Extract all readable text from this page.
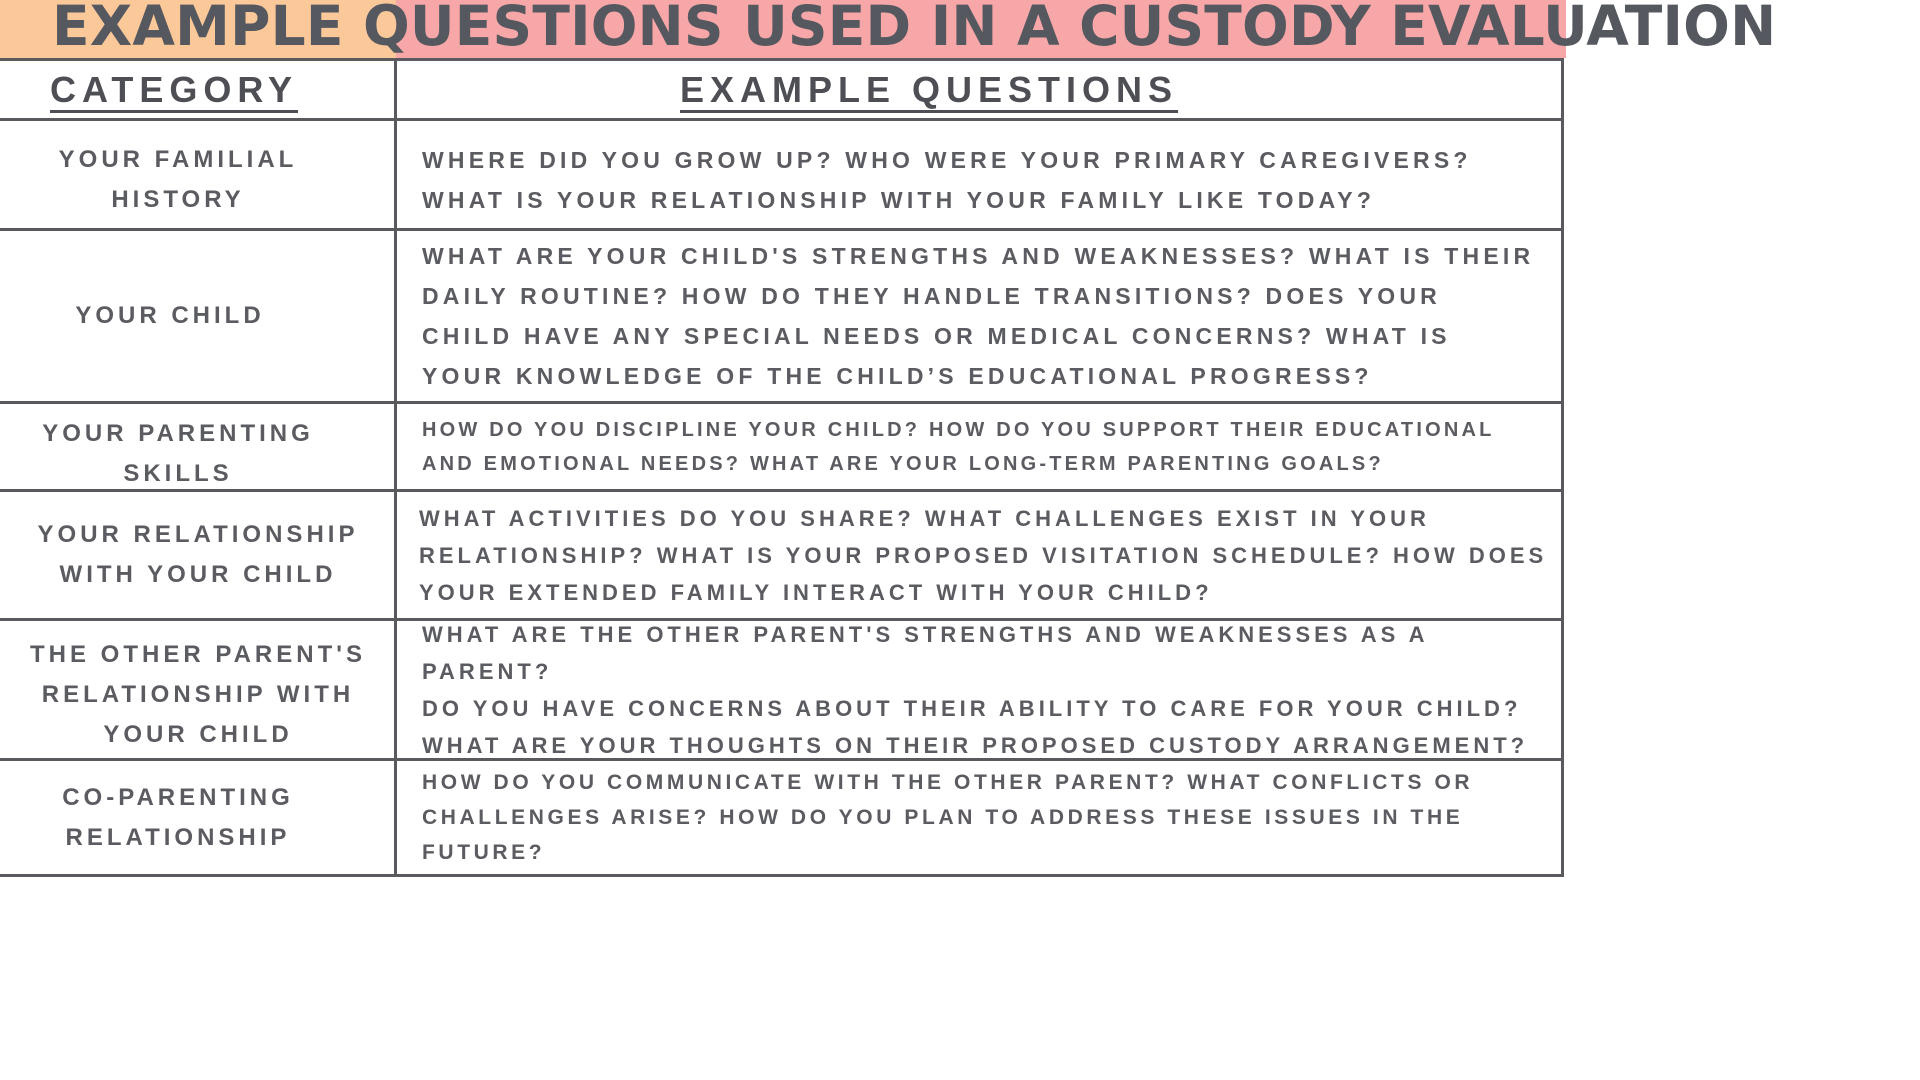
EXAMPLE QUESTIONS USED IN A CUSTODY EVALUATION
CATEGORY	EXAMPLE QUESTIONS
YOUR FAMILIAL
HISTORY
WHERE DID YOU GROW UP? WHO WERE YOUR PRIMARY CAREGIVERS?
WHAT IS YOUR RELATIONSHIP WITH YOUR FAMILY LIKE TODAY?
YOUR CHILD
WHAT ARE YOUR CHILD'S STRENGTHS AND WEAKNESSES? WHAT IS THEIR
DAILY ROUTINE? HOW DO THEY HANDLE TRANSITIONS? DOES YOUR
CHILD HAVE ANY SPECIAL NEEDS OR MEDICAL CONCERNS? WHAT IS
YOUR KNOWLEDGE OF THE CHILD’S EDUCATIONAL PROGRESS?
YOUR PARENTING
SKILLS
HOW DO YOU DISCIPLINE YOUR CHILD? HOW DO YOU SUPPORT THEIR EDUCATIONAL
AND EMOTIONAL NEEDS? WHAT ARE YOUR LONG-TERM PARENTING GOALS?
YOUR RELATIONSHIP
WITH YOUR CHILD
WHAT ACTIVITIES DO YOU SHARE? WHAT CHALLENGES EXIST IN YOUR
RELATIONSHIP? WHAT IS YOUR PROPOSED VISITATION SCHEDULE? HOW DOES
YOUR EXTENDED FAMILY INTERACT WITH YOUR CHILD?
THE OTHER PARENT'S
RELATIONSHIP WITH
YOUR CHILD
WHAT ARE THE OTHER PARENT'S STRENGTHS AND WEAKNESSES AS A PARENT?
DO YOU HAVE CONCERNS ABOUT THEIR ABILITY TO CARE FOR YOUR CHILD?
WHAT ARE YOUR THOUGHTS ON THEIR PROPOSED CUSTODY ARRANGEMENT?
CO-PARENTING
RELATIONSHIP
HOW DO YOU COMMUNICATE WITH THE OTHER PARENT? WHAT CONFLICTS OR
CHALLENGES ARISE? HOW DO YOU PLAN TO ADDRESS THESE ISSUES IN THE
FUTURE?
